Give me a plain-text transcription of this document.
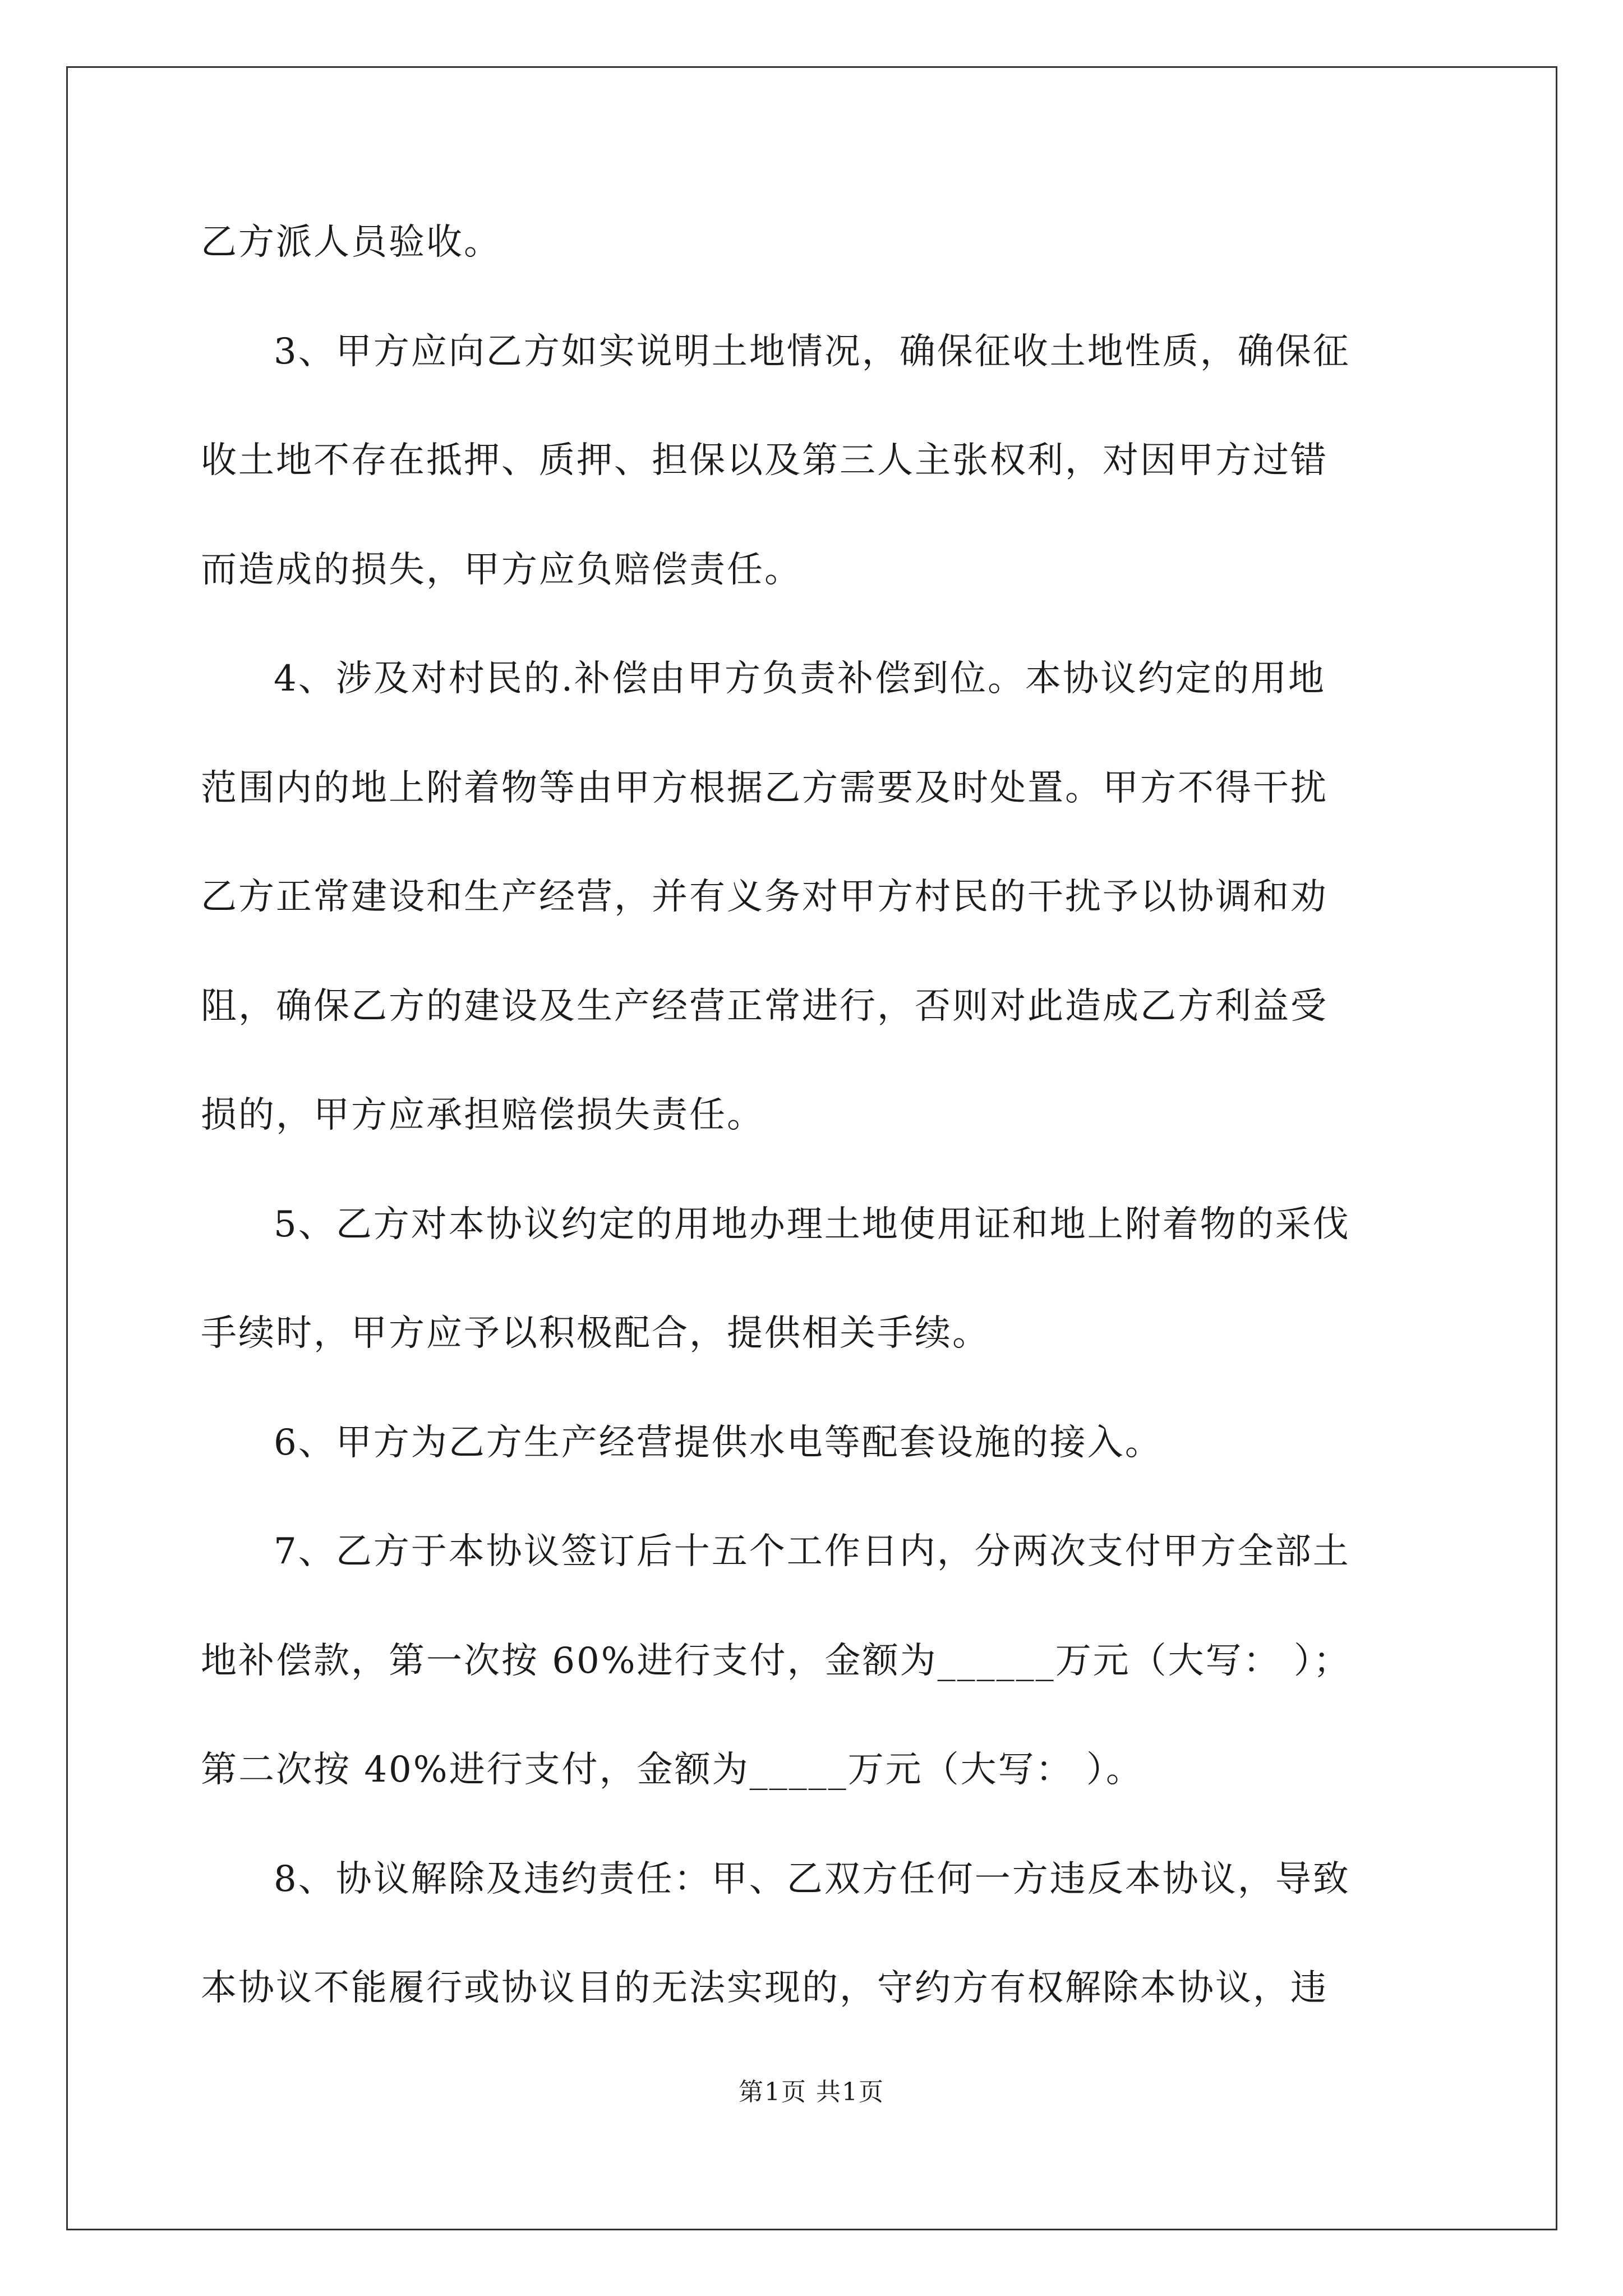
乙方派人员验收。
3、甲方应向乙方如实说明土地情况，确保征收土地性质，确保征
收土地不存在抵押、质押、担保以及第三人主张权利，对因甲方过错
而造成的损失，甲方应负赔偿责任。
4、涉及对村民的.补偿由甲方负责补偿到位。本协议约定的用地
范围内的地上附着物等由甲方根据乙方需要及时处置。甲方不得干扰
乙方正常建设和生产经营，并有义务对甲方村民的干扰予以协调和劝
阻，确保乙方的建设及生产经营正常进行，否则对此造成乙方利益受
损的，甲方应承担赔偿损失责任。
5、乙方对本协议约定的用地办理土地使用证和地上附着物的采伐
手续时，甲方应予以积极配合，提供相关手续。
6、甲方为乙方生产经营提供水电等配套设施的接入。
7、乙方于本协议签订后十五个工作日内，分两次支付甲方全部土
地补偿款，第一次按 60%进行支付，金额为______万元（大写： ）；
第二次按 40%进行支付，金额为_____万元（大写： ）。
8、协议解除及违约责任：甲、乙双方任何一方违反本协议，导致
本协议不能履行或协议目的无法实现的，守约方有权解除本协议，违
第1页 共1页
